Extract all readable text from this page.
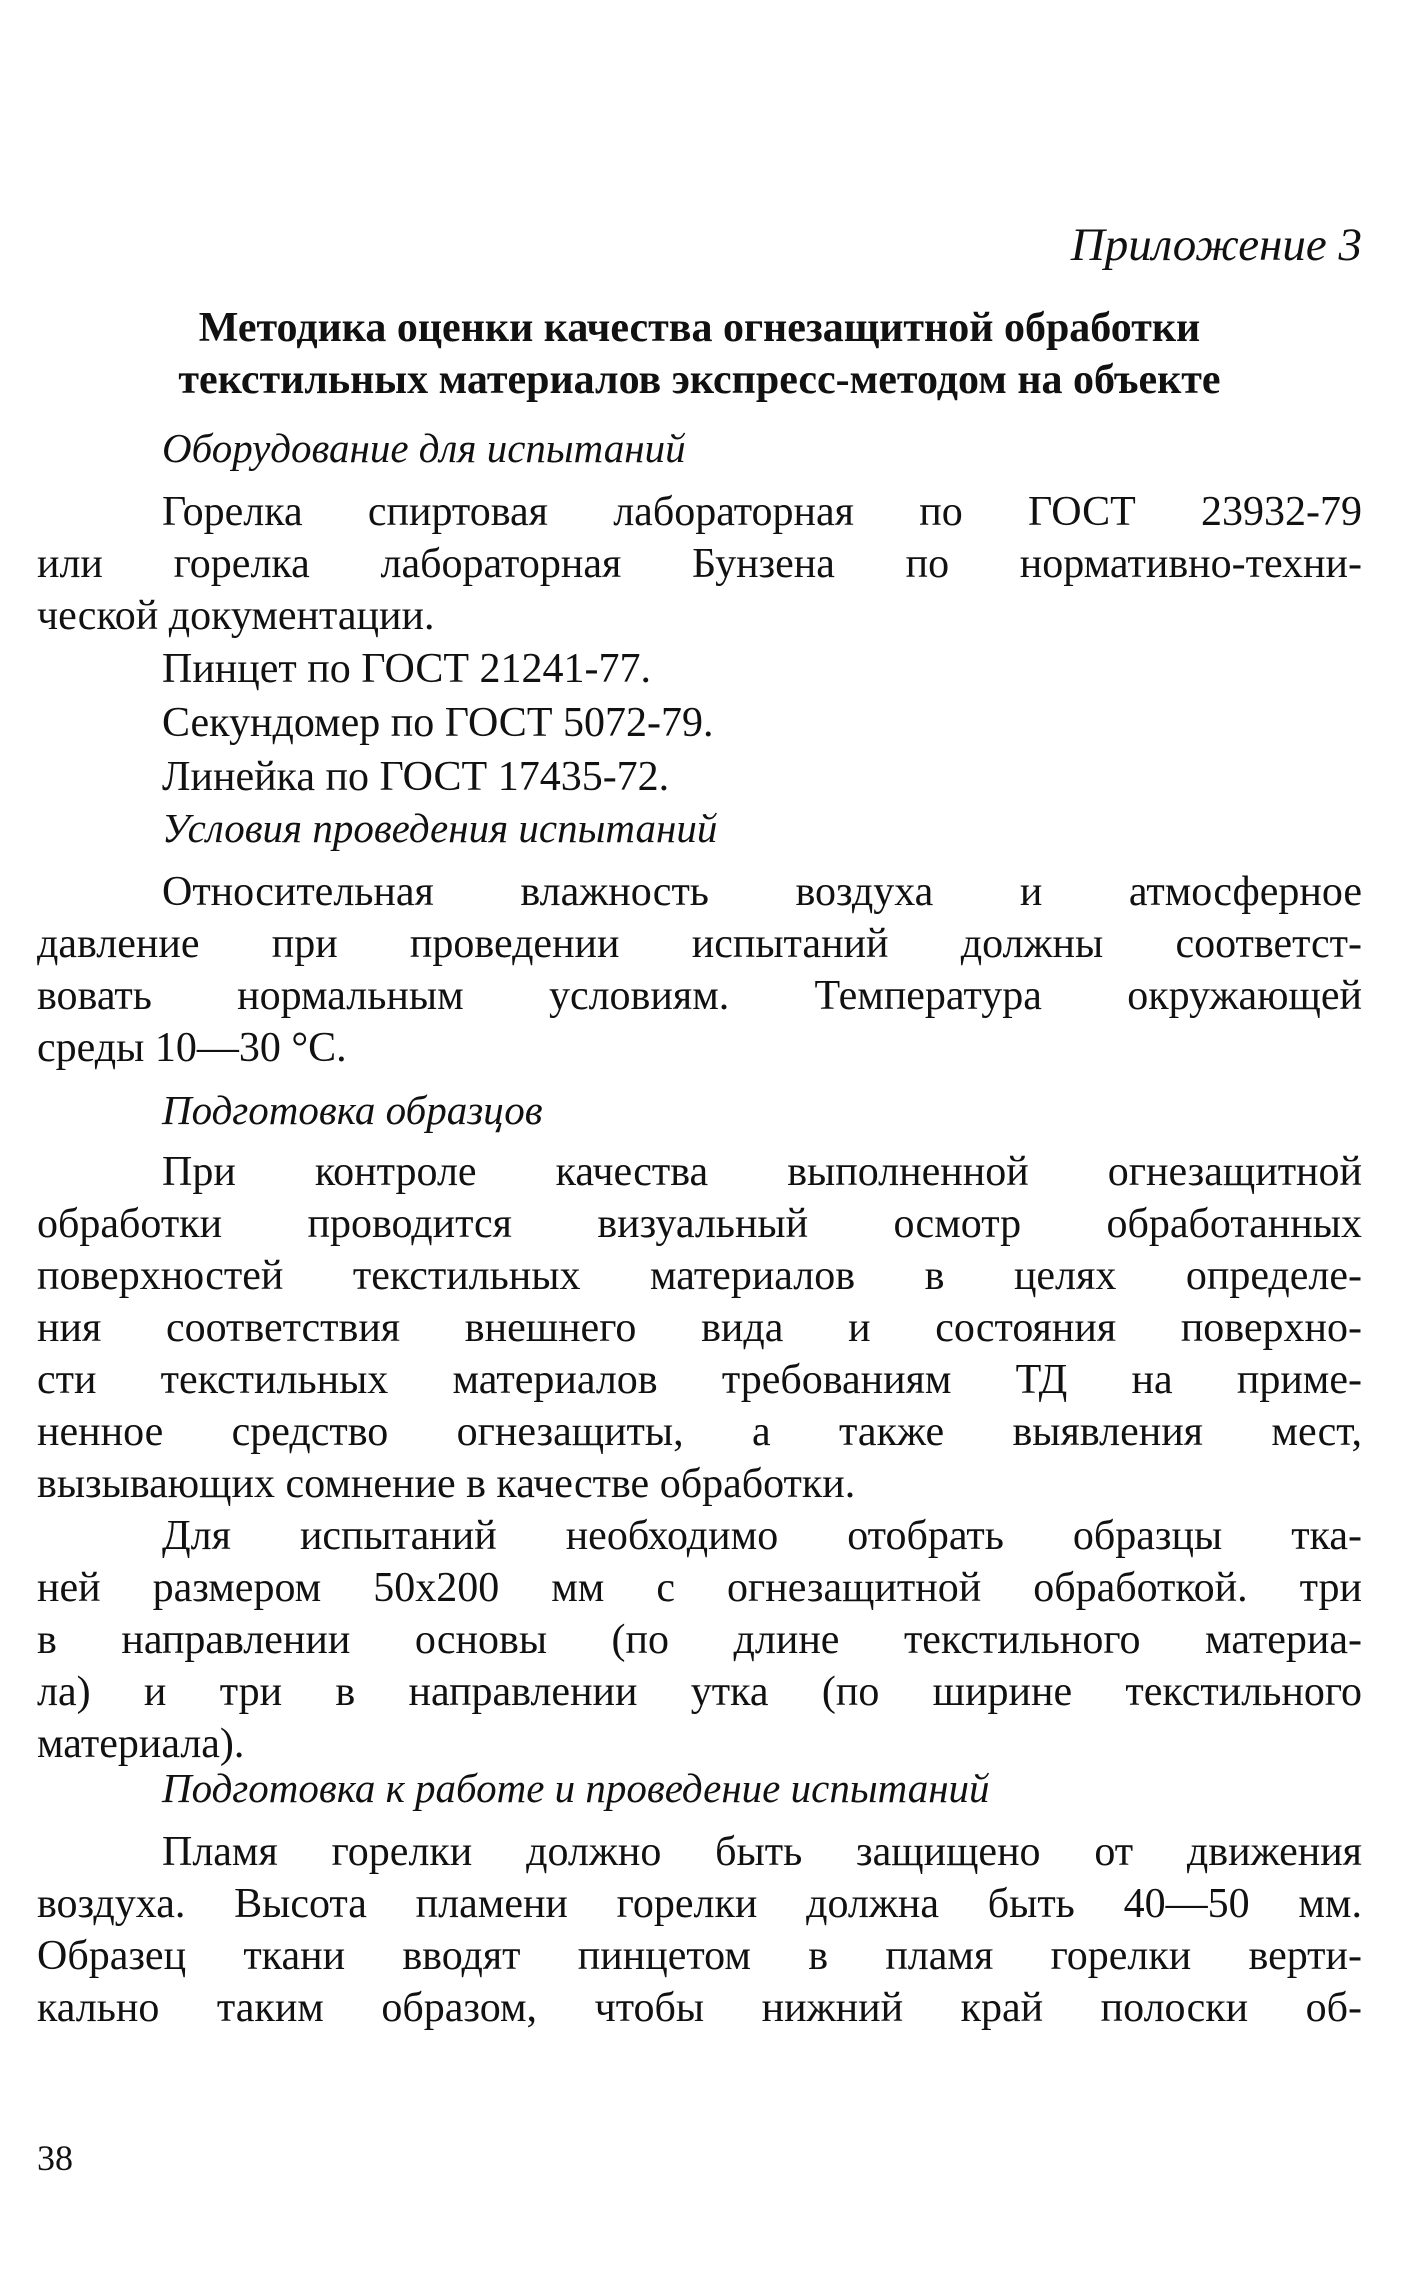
Приложение 3
Методика оценки качества огнезащитной обработки
текстильных материалов экспресс-методом на объекте
Оборудование для испытаний
Горелка спиртовая лабораторная по ГОСТ 23932-79
или горелка лабораторная Бунзена по нормативно-техни-
ческой документации.
Пинцет по ГОСТ 21241-77.
Секундомер по ГОСТ 5072-79.
Линейка по ГОСТ 17435-72.
Условия проведения испытаний
Относительная влажность воздуха и атмосферное
давление при проведении испытаний должны соответст-
вовать нормальным условиям. Температура окружающей
среды 10—30 °С.
Подготовка образцов
При контроле качества выполненной огнезащитной
обработки проводится визуальный осмотр обработанных
поверхностей текстильных материалов в целях определе-
ния соответствия внешнего вида и состояния поверхно-
сти текстильных материалов требованиям ТД на приме-
ненное средство огнезащиты, а также выявления мест,
вызывающих сомнение в качестве обработки.
Для испытаний необходимо отобрать образцы тка-
ней размером 50x200 мм с огнезащитной обработкой. три
в направлении основы (по длине текстильного материа-
ла) и три в направлении утка (по ширине текстильного
материала).
Подготовка к работе и проведение испытаний
Пламя горелки должно быть защищено от движения
воздуха. Высота пламени горелки должна быть 40—50 мм.
Образец ткани вводят пинцетом в пламя горелки верти-
кально таким образом, чтобы нижний край полоски об-
38
